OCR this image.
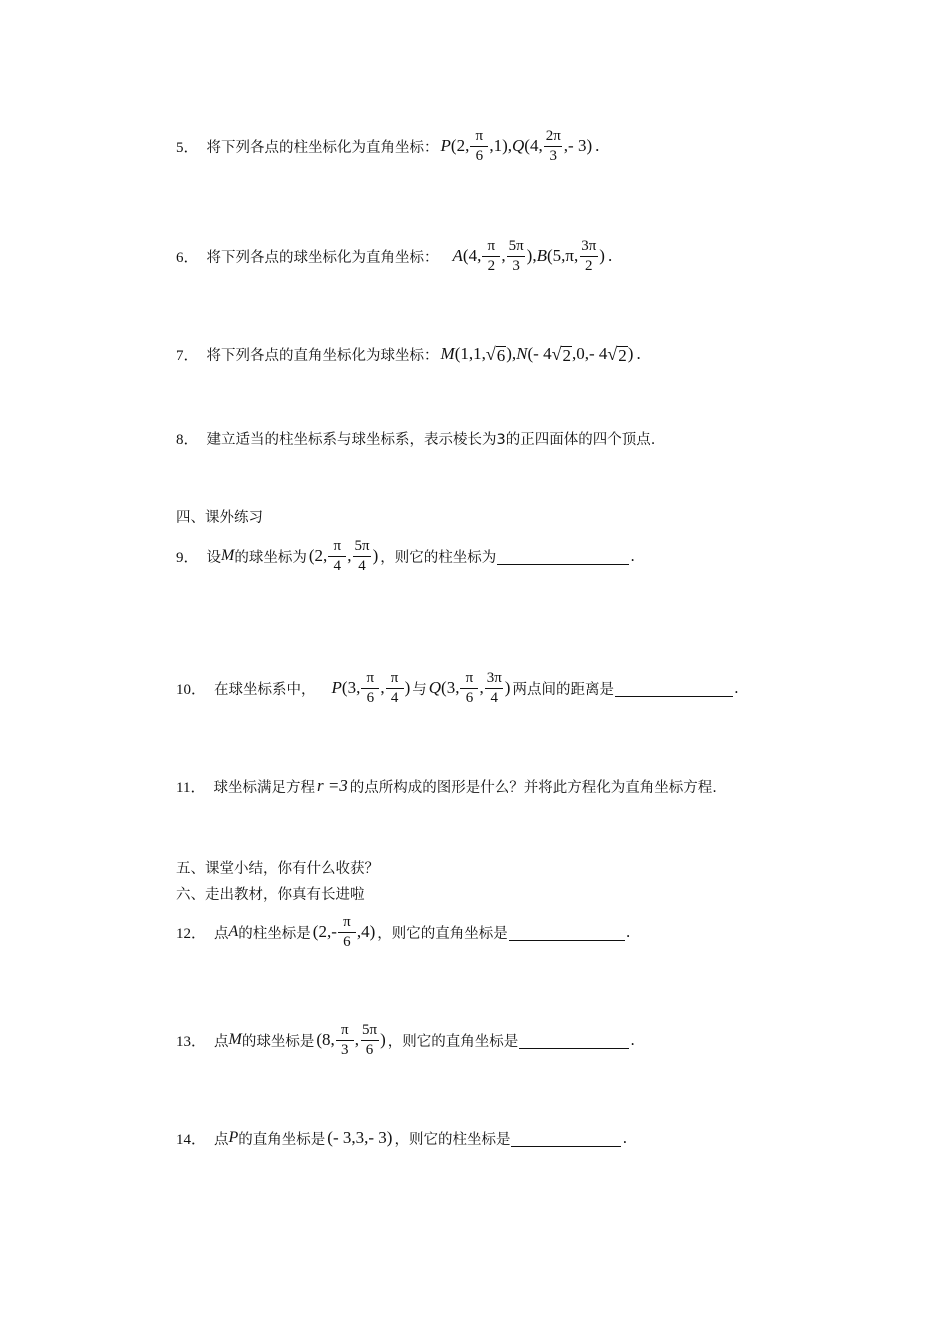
5． 将下列各点的柱坐标化为直角坐标： P (2, $\frac{\pi}{6} ,1$), Q (4, $\frac{2\pi}{3}$ ,- 3) .
6． 将下列各点的球坐标化为直角坐标： A (4, $\frac{\pi}{2}$ , $\frac{5\pi}{3}$ ), B (5,π, $\frac{3\pi}{2}$ ) .
7． 将下列各点的直角坐标化为球坐标： M (1,1, √ 6 ), N (- 4 √ 2 ,0,- 4 √ 2 ) .
8． 建立适当的柱坐标系与球坐标系，表示棱长为3的正四面体的四个顶点.
四、课外练习
9． 设 M 的球坐标为 (2, $\frac{\pi}{4}$ , $\frac{5\pi}{4}$ ) ，则它的柱坐标为	.
10． 在球坐标系中， P (3, $\frac{\pi}{6}$ , $\frac{\pi}{4}$ ) 与 Q (3, $\frac{\pi}{6}$ , $\frac{3\pi}{4}$ ) 两点间的距离是	.
11． 球坐标满足方程 r =3 的点所构成的图形是什么？并将此方程化为直角坐标方程.
五、课堂小结，你有什么收获？
六、走出教材，你真有长进啦
12． 点 A 的柱坐标是 $(2,- \frac{\pi}{6} ,4)$ ，则它的直角坐标是	.
13． 点 M 的球坐标是 (8, $\frac{\pi}{3}$ , $\frac{5\pi}{6}$ ) ，则它的直角坐标是	.
14． 点 P 的直角坐标是 (- 3,3,- 3) ，则它的柱坐标是	.
